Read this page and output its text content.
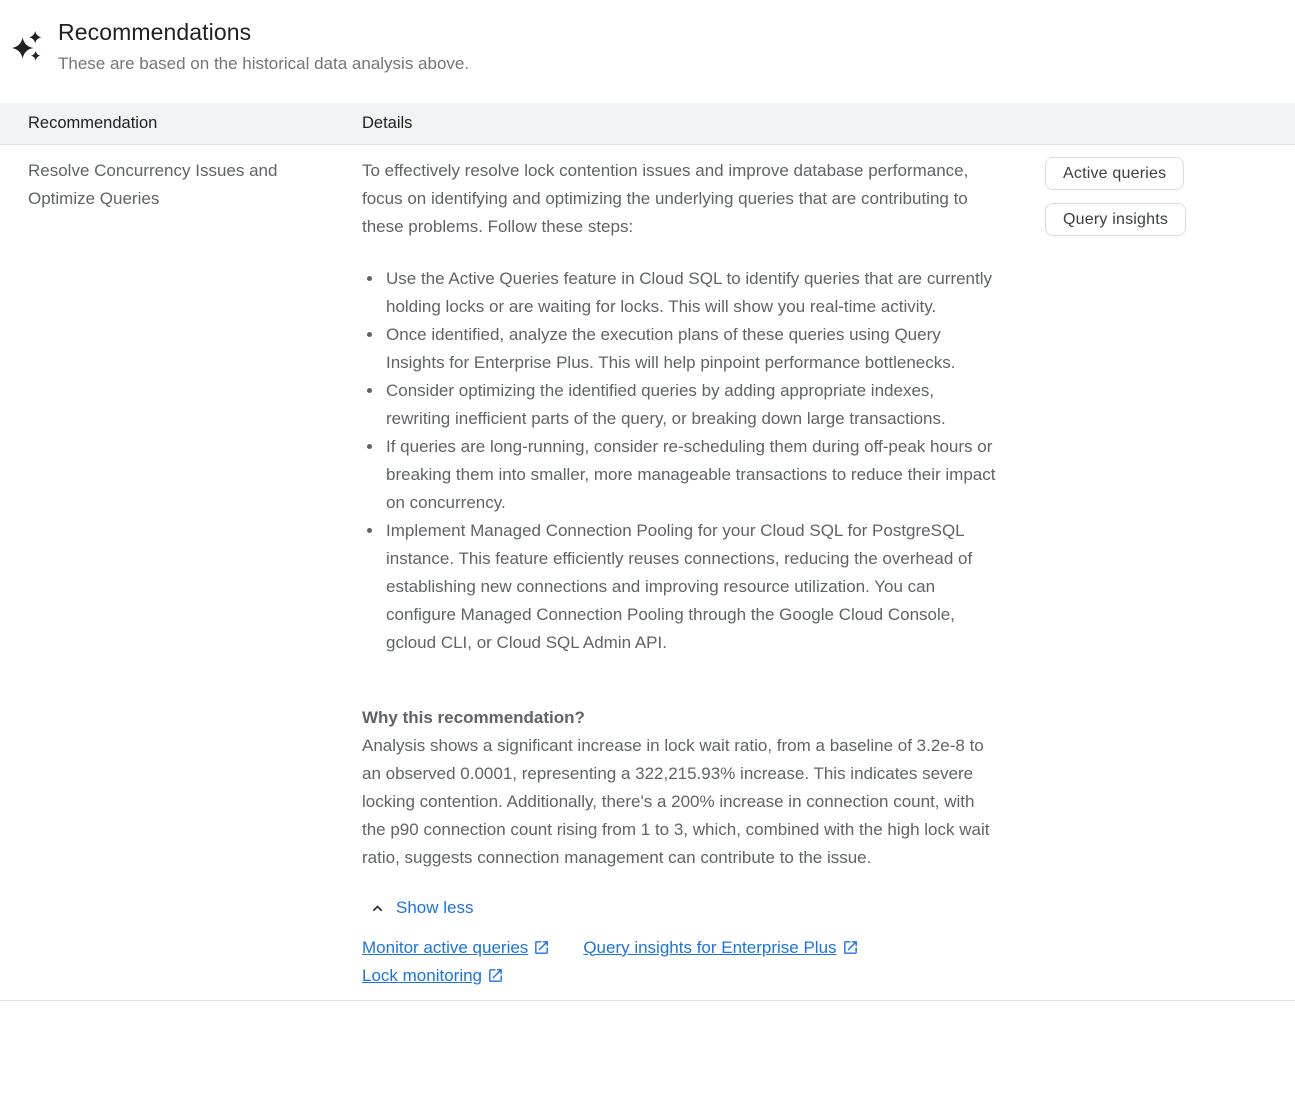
Recommendations
These are based on the historical data analysis above.
Recommendation	Details
Resolve Concurrency Issues and Optimize Queries

To effectively resolve lock contention issues and improve database performance, focus on identifying and optimizing the underlying queries that are contributing to these problems. Follow these steps:

• Use the Active Queries feature in Cloud SQL to identify queries that are currently holding locks or are waiting for locks. This will show you real-time activity.
• Once identified, analyze the execution plans of these queries using Query Insights for Enterprise Plus. This will help pinpoint performance bottlenecks.
• Consider optimizing the identified queries by adding appropriate indexes, rewriting inefficient parts of the query, or breaking down large transactions.
• If queries are long-running, consider re-scheduling them during off-peak hours or breaking them into smaller, more manageable transactions to reduce their impact on concurrency.
• Implement Managed Connection Pooling for your Cloud SQL for PostgreSQL instance. This feature efficiently reuses connections, reducing the overhead of establishing new connections and improving resource utilization. You can configure Managed Connection Pooling through the Google Cloud Console, gcloud CLI, or Cloud SQL Admin API.
Why this recommendation?

Analysis shows a significant increase in lock wait ratio, from a baseline of 3.2e-8 to an observed 0.0001, representing a 322,215.93% increase. This indicates severe locking contention. Additionally, there's a 200% increase in connection count, with the p90 connection count rising from 1 to 3, which, combined with the high lock wait ratio, suggests connection management can contribute to the issue.

Show less
Monitor active queries	Query insights for Enterprise Plus
Lock monitoring
Active queries
Query insights
